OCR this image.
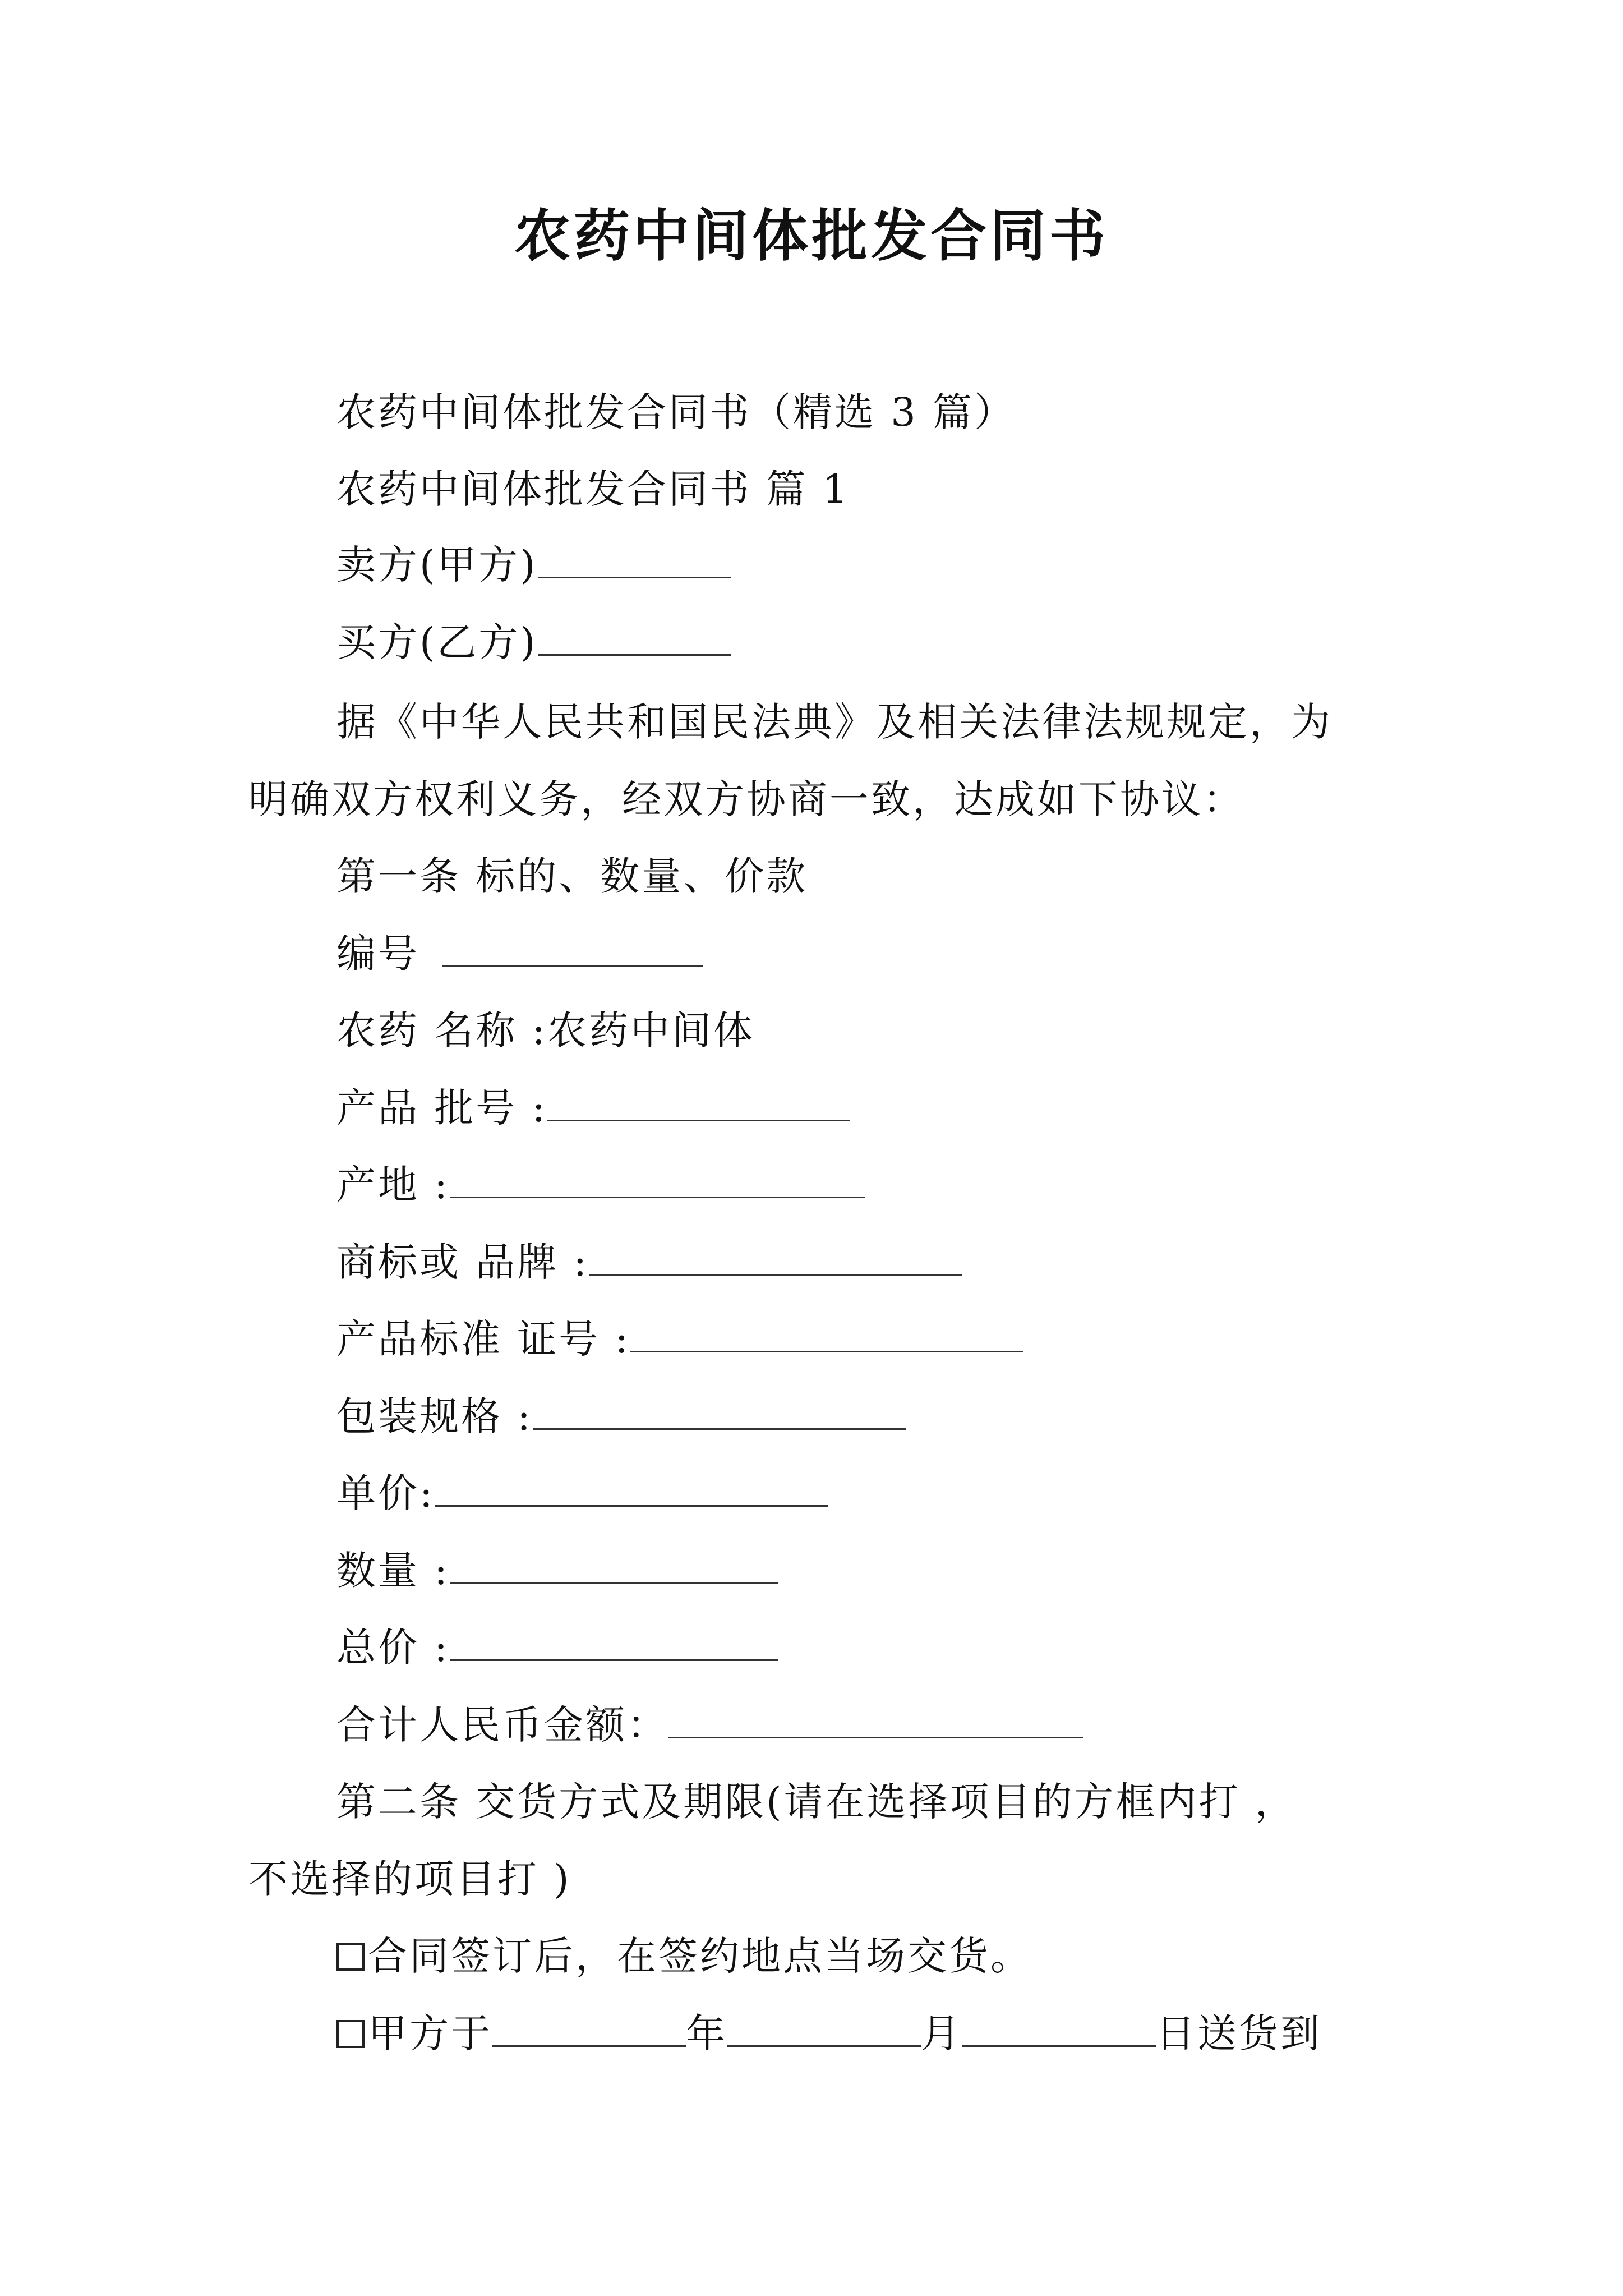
农药中间体批发合同书
农药中间体批发合同书（精选 3 篇）
农药中间体批发合同书 篇 1
卖方(甲方)
买方(乙方)
据《中华人民共和国民法典》及相关法律法规规定，为
明确双方权利义务，经双方协商一致，达成如下协议：
第一条 标的、数量、价款
编号
农药 名称 :农药中间体
产品 批号 :
产地 :
商标或 品牌 :
产品标准 证号 :
包装规格 :
单价:
数量 :
总价 :
合计人民币金额：
第二条 交货方式及期限(请在选择项目的方框内打 ，
不选择的项目打 )
合同签订后，在签约地点当场交货。
甲方于	年	月	日送货到
